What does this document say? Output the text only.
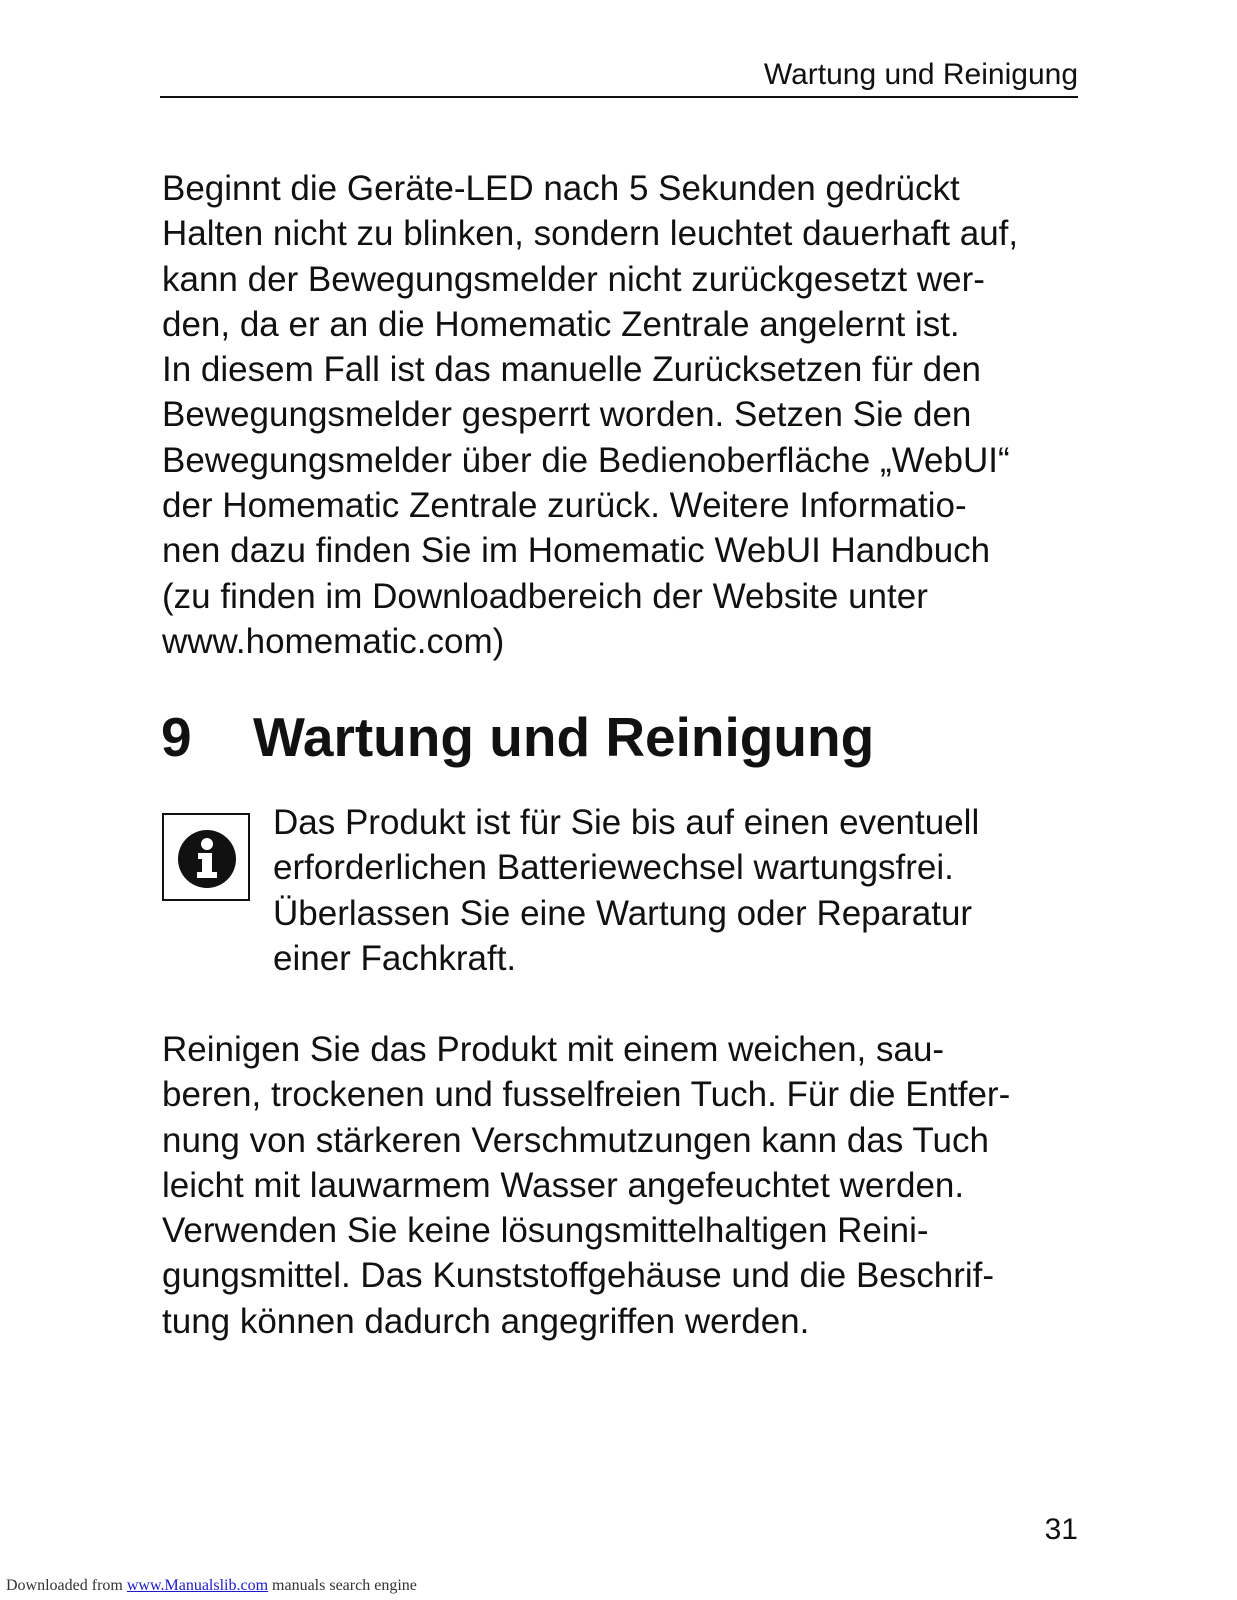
Wartung und Reinigung

Beginnt die Geräte-LED nach 5 Sekunden gedrückt
Halten nicht zu blinken, sondern leuchtet dauerhaft auf,
kann der Bewegungsmelder nicht zurückgesetzt wer-
den, da er an die Homematic Zentrale angelernt ist.
In diesem Fall ist das manuelle Zurücksetzen für den
Bewegungsmelder gesperrt worden. Setzen Sie den
Bewegungsmelder über die Bedienoberfläche „WebUI“
der Homematic Zentrale zurück. Weitere Informatio-
nen dazu finden Sie im Homematic WebUI Handbuch
(zu finden im Downloadbereich der Website unter
www.homematic.com)

9 Wartung und Reinigung

Das Produkt ist für Sie bis auf einen eventuell
erforderlichen Batteriewechsel wartungsfrei.
Überlassen Sie eine Wartung oder Reparatur
einer Fachkraft.

Reinigen Sie das Produkt mit einem weichen, sau-
beren, trockenen und fusselfreien Tuch. Für die Entfer-
nung von stärkeren Verschmutzungen kann das Tuch
leicht mit lauwarmem Wasser angefeuchtet werden.
Verwenden Sie keine lösungsmittelhaltigen Reini-
gungsmittel. Das Kunststoffgehäuse und die Beschrif-
tung können dadurch angegriffen werden.

31
Downloaded from www.Manualslib.com manuals search engine
